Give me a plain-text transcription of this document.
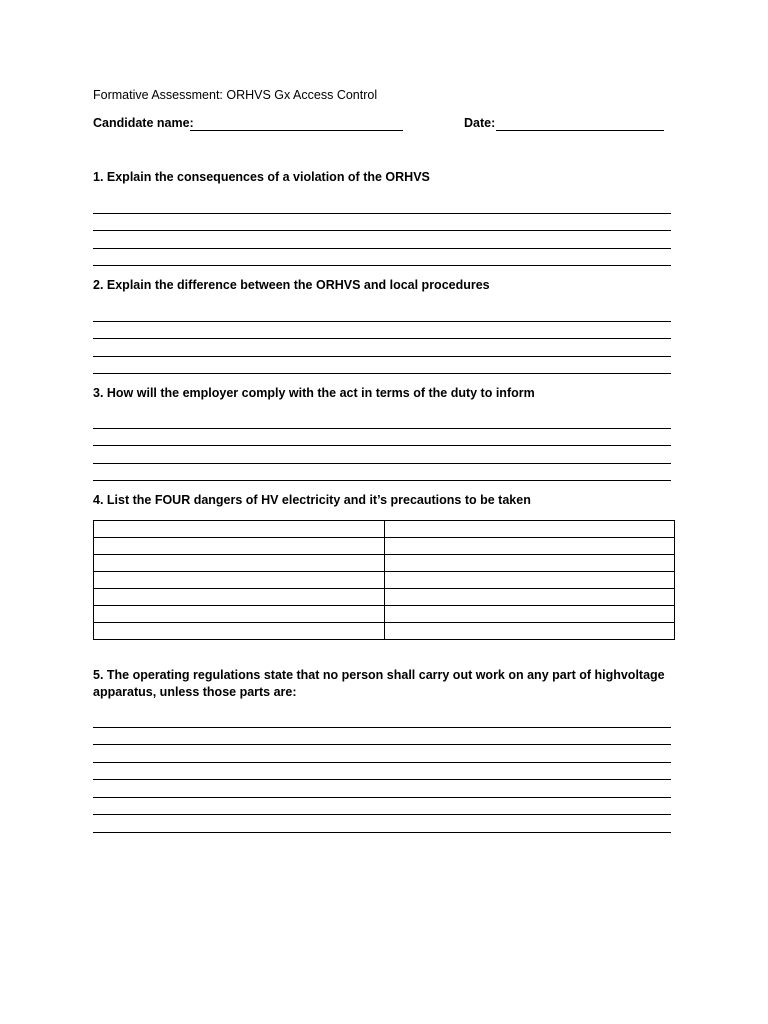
Formative Assessment: ORHVS Gx Access Control
Candidate name:	Date:
1. Explain the consequences of a violation of the ORHVS
2. Explain the difference between the ORHVS and local procedures
3. How will the employer comply with the act in terms of the duty to inform
4. List the FOUR dangers of HV electricity and it’s precautions to be taken

5. The operating regulations state that no person shall carry out work on any part of highvoltage apparatus, unless those parts are:
